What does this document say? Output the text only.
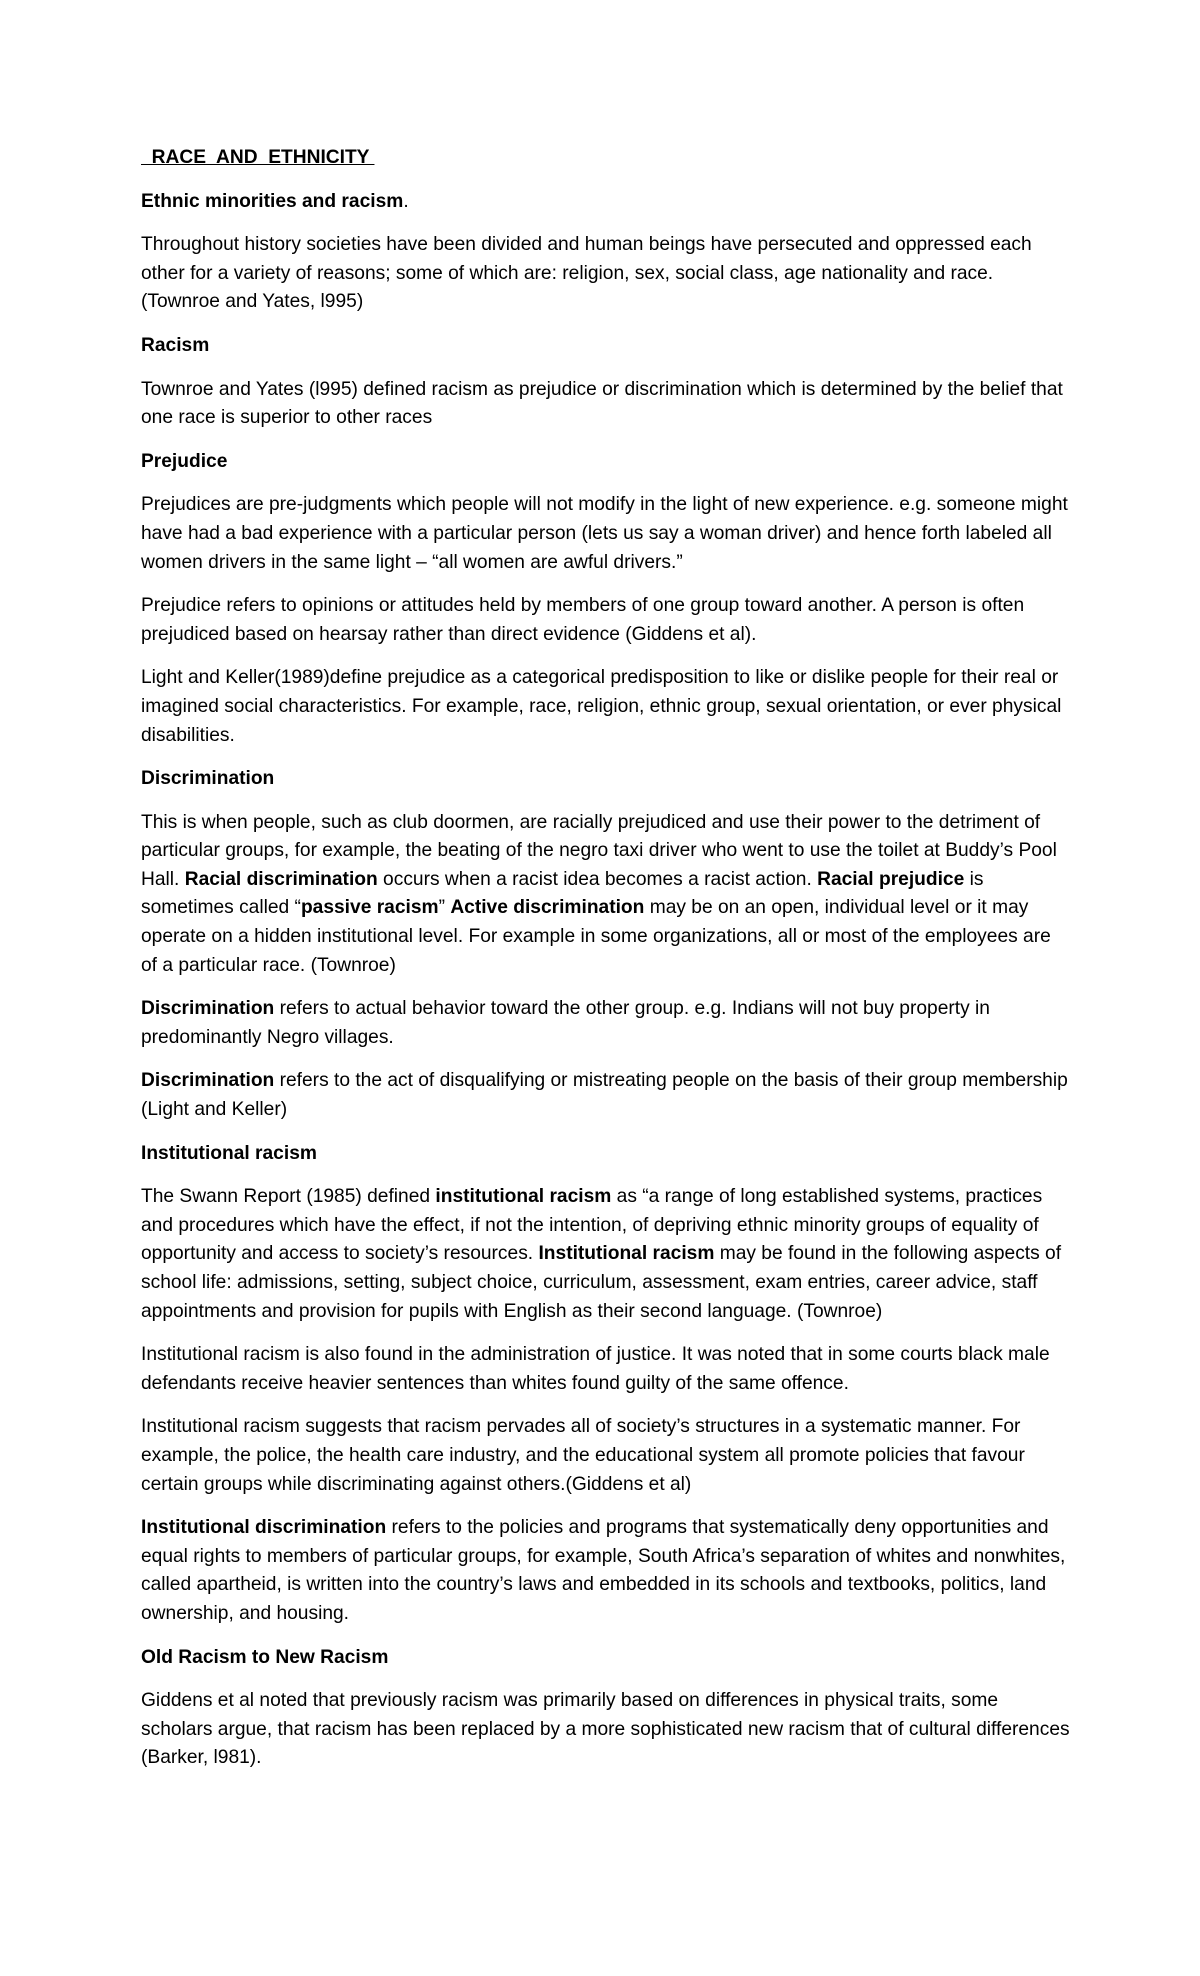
RACE  AND  ETHNICITY
Ethnic minorities and racism.

Throughout history societies have been divided and human beings have persecuted and oppressed each other for a variety of reasons; some of which are: religion, sex, social class, age nationality and race. (Townroe and Yates, l995)

Racism

Townroe and Yates (l995) defined racism as prejudice or discrimination which is determined by the belief that one race is superior to other races

Prejudice

Prejudices are pre-judgments which people will not modify in the light of new experience. e.g. someone might have had a bad experience with a particular person (lets us say a woman driver) and hence forth labeled all women drivers in the same light – “all women are awful drivers.”

Prejudice refers to opinions or attitudes held by members of one group toward another. A person is often prejudiced based on hearsay rather than direct evidence (Giddens et al).

Light and Keller(1989)define prejudice as a categorical predisposition to like or dislike people for their real or imagined social characteristics. For example, race, religion, ethnic group, sexual orientation, or ever physical disabilities.

Discrimination

This is when people, such as club doormen, are racially prejudiced and use their power to the detriment of particular groups, for example, the beating of the negro taxi driver who went to use the toilet at Buddy’s Pool Hall. Racial discrimination occurs when a racist idea becomes a racist action. Racial prejudice is sometimes called “passive racism” Active discrimination may be on an open, individual level or it may operate on a hidden institutional level. For example in some organizations, all or most of the employees are of a particular race. (Townroe)

Discrimination refers to actual behavior toward the other group. e.g. Indians will not buy property in predominantly Negro villages.

Discrimination refers to the act of disqualifying or mistreating people on the basis of their group membership (Light and Keller)

Institutional racism

The Swann Report (1985) defined institutional racism as “a range of long established systems, practices and procedures which have the effect, if not the intention, of depriving ethnic minority groups of equality of opportunity and access to society’s resources. Institutional racism may be found in the following aspects of school life: admissions, setting, subject choice, curriculum, assessment, exam entries, career advice, staff appointments and provision for pupils with English as their second language. (Townroe)

Institutional racism is also found in the administration of justice. It was noted that in some courts black male defendants receive heavier sentences than whites found guilty of the same offence.

Institutional racism suggests that racism pervades all of society’s structures in a systematic manner. For example, the police, the health care industry, and the educational system all promote policies that favour certain groups while discriminating against others.(Giddens et al)

Institutional discrimination refers to the policies and programs that systematically deny opportunities and equal rights to members of particular groups, for example, South Africa’s separation of whites and nonwhites, called apartheid, is written into the country’s laws and embedded in its schools and textbooks, politics, land ownership, and housing.

Old Racism to New Racism

Giddens et al noted that previously racism was primarily based on differences in physical traits, some scholars argue, that racism has been replaced by a more sophisticated new racism that of cultural differences (Barker, l981).
